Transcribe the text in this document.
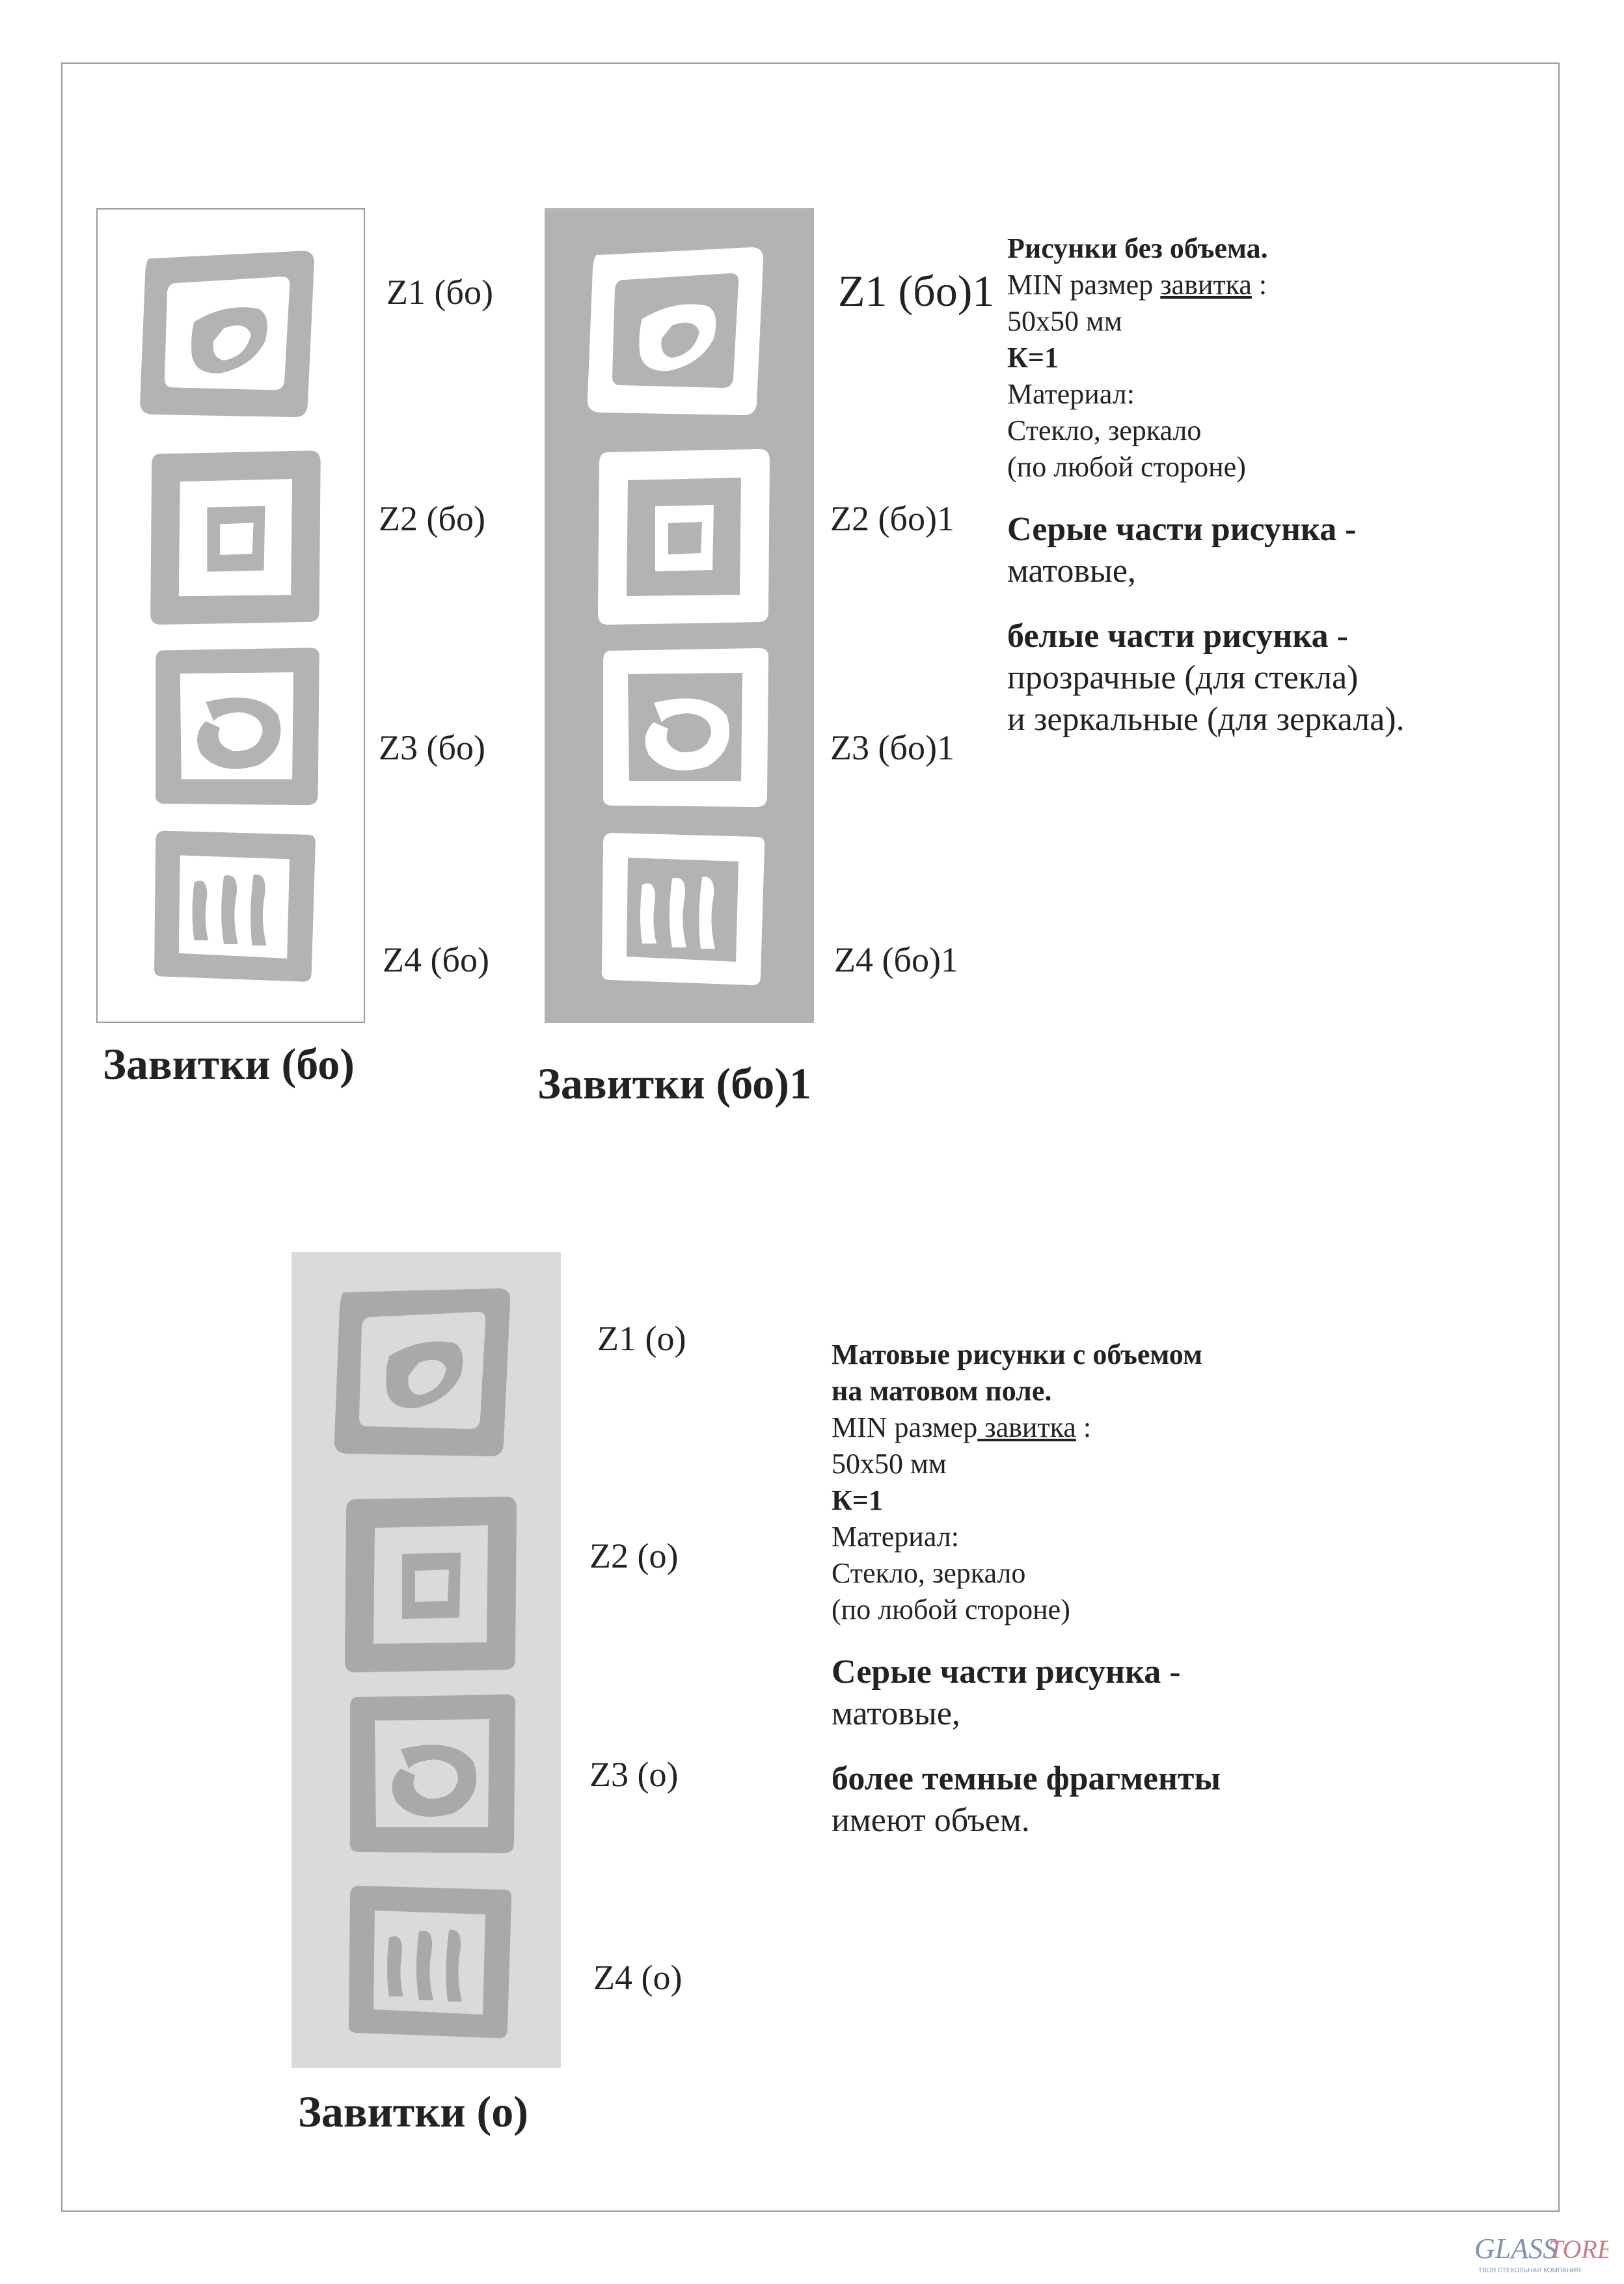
Z1 (бо)
Z2 (бо)
Z3 (бо)
Z4 (бо)
Завитки (бо)
Z1 (бо)1
Z2 (бо)1
Z3 (бо)1
Z4 (бо)1
Завитки (бо)1
Рисунки без объема.
MIN размер завитка :
50х50 мм
К=1
Материал:
Стекло, зеркало
(по любой стороне)
Серые части рисунка -
матовые,
белые части рисунка -
прозрачные (для стекла)
и зеркальные (для зеркала).
Z1 (о)
Z2 (о)
Z3 (о)
Z4 (о)
Завитки (о)
Матовые рисунки с объемом
на матовом поле.
MIN размер завитка :
50х50 мм
К=1
Материал:
Стекло, зеркало
(по любой стороне)
Серые части рисунка -
матовые,
более темные фрагменты
имеют объем.
GLASS
TORE
ТВОЯ СТЕКОЛЬНАЯ КОМПАНИЯ
